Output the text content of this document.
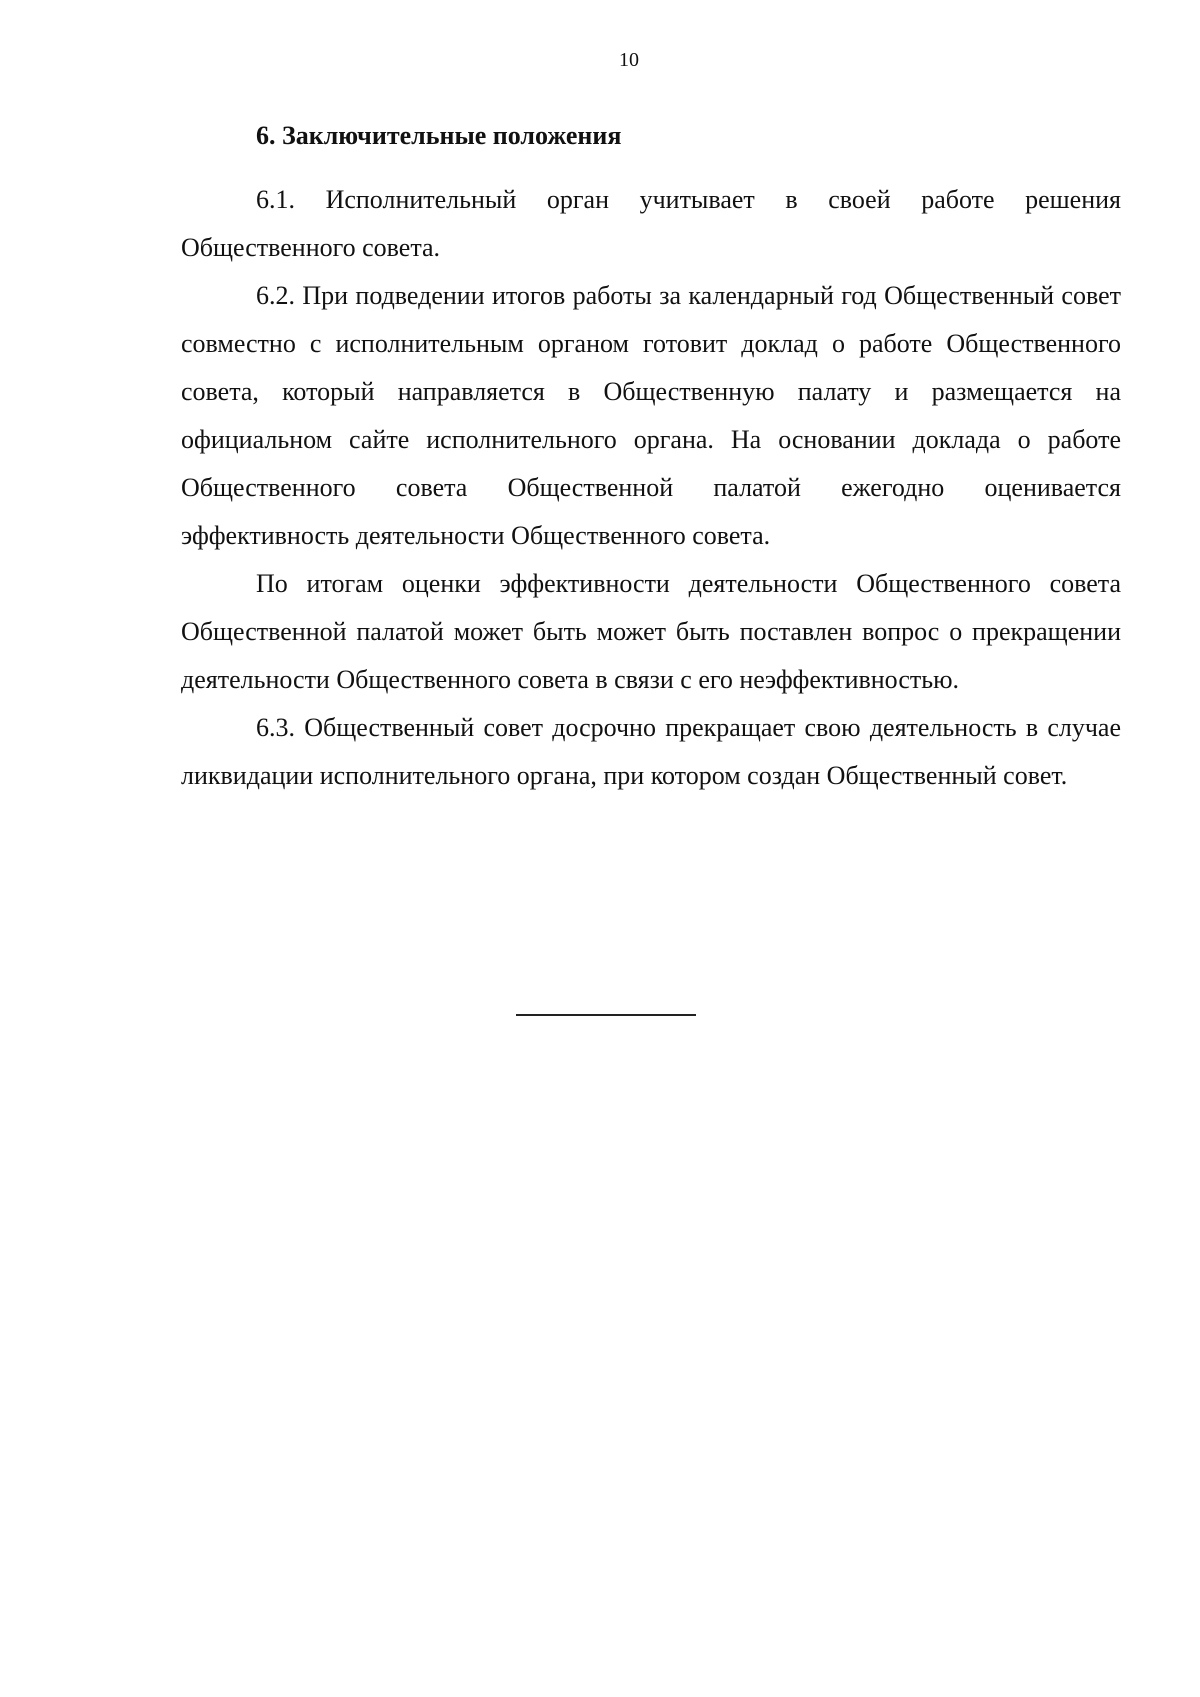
10
6. Заключительные положения

6.1. Исполнительный орган учитывает в своей работе решения Общественного совета.

6.2. При подведении итогов работы за календарный год Общественный совет совместно с исполнительным органом готовит доклад о работе Общественного совета, который направляется в Общественную палату и размещается на официальном сайте исполнительного органа. На основании доклада о работе Общественного совета Общественной палатой ежегодно оценивается эффективность деятельности Общественного совета.

По итогам оценки эффективности деятельности Общественного совета Общественной палатой может быть может быть поставлен вопрос о прекращении деятельности Общественного совета в связи с его неэффективностью.

6.3. Общественный совет досрочно прекращает свою деятельность в случае ликвидации исполнительного органа, при котором создан Общественный совет.
